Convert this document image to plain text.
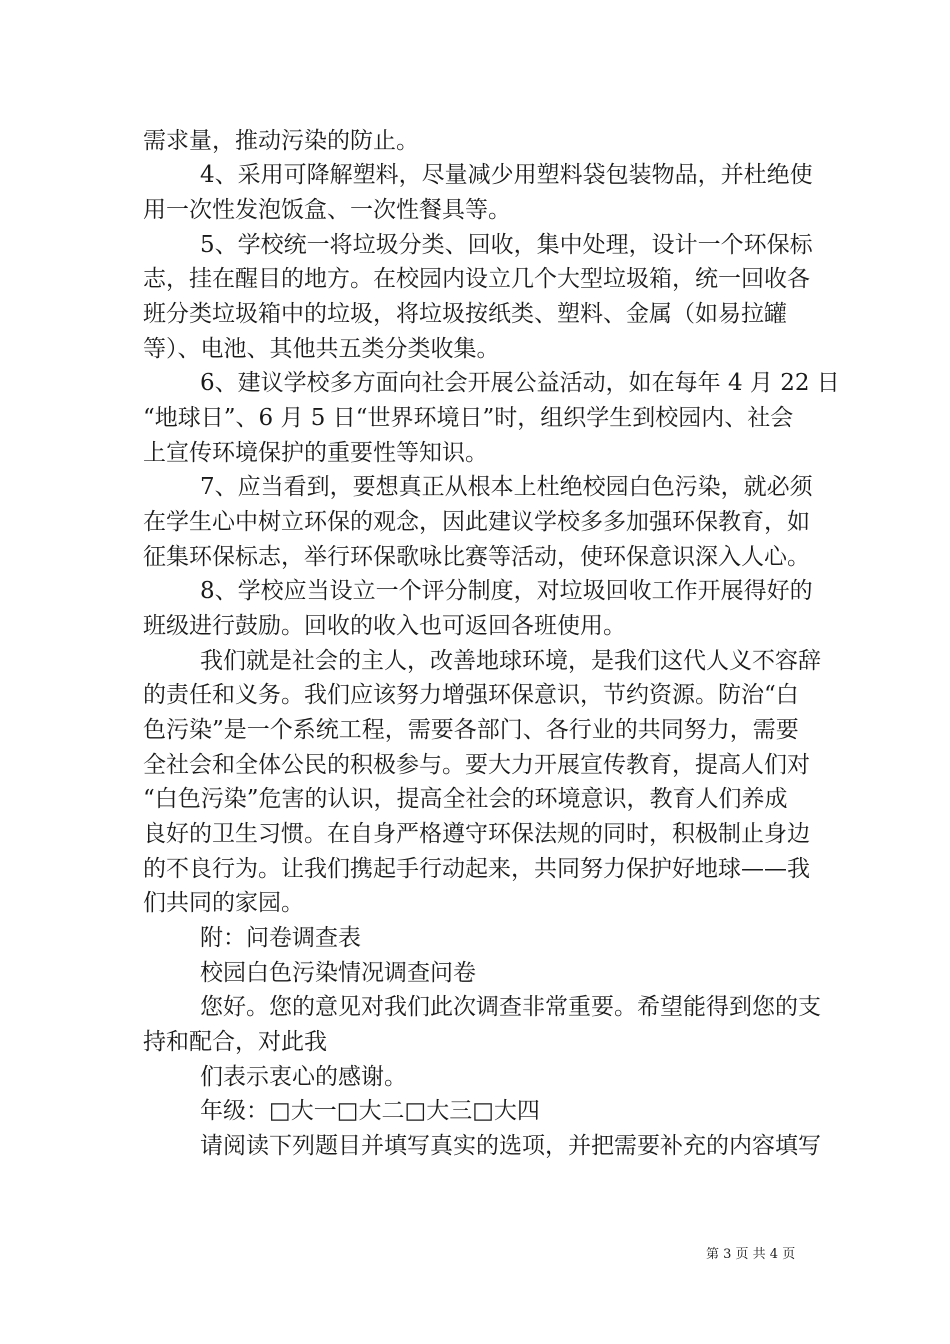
需求量，推动污染的防止。
4、采用可降解塑料，尽量减少用塑料袋包装物品，并杜绝使
用一次性发泡饭盒、一次性餐具等。
5、学校统一将垃圾分类、回收，集中处理，设计一个环保标
志，挂在醒目的地方。在校园内设立几个大型垃圾箱，统一回收各
班分类垃圾箱中的垃圾，将垃圾按纸类、塑料、金属（如易拉罐
等）、电池、其他共五类分类收集。
6、建议学校多方面向社会开展公益活动，如在每年 4 月 22 日
“地球日”、6 月 5 日“世界环境日”时，组织学生到校园内、社会
上宣传环境保护的重要性等知识。
7、应当看到，要想真正从根本上杜绝校园白色污染，就必须
在学生心中树立环保的观念，因此建议学校多多加强环保教育，如
征集环保标志，举行环保歌咏比赛等活动，使环保意识深入人心。
8、学校应当设立一个评分制度，对垃圾回收工作开展得好的
班级进行鼓励。回收的收入也可返回各班使用。
我们就是社会的主人，改善地球环境，是我们这代人义不容辞
的责任和义务。我们应该努力增强环保意识，节约资源。防治“白
色污染”是一个系统工程，需要各部门、各行业的共同努力，需要
全社会和全体公民的积极参与。要大力开展宣传教育，提高人们对
“白色污染”危害的认识，提高全社会的环境意识，教育人们养成
良好的卫生习惯。在自身严格遵守环保法规的同时，积极制止身边
的不良行为。让我们携起手行动起来，共同努力保护好地球——我
们共同的家园。
附：问卷调查表
校园白色污染情况调查问卷
您好。您的意见对我们此次调查非常重要。希望能得到您的支
持和配合，对此我
们表示衷心的感谢。
年级：□大一□大二□大三□大四
请阅读下列题目并填写真实的选项，并把需要补充的内容填写
第 3 页 共 4 页
